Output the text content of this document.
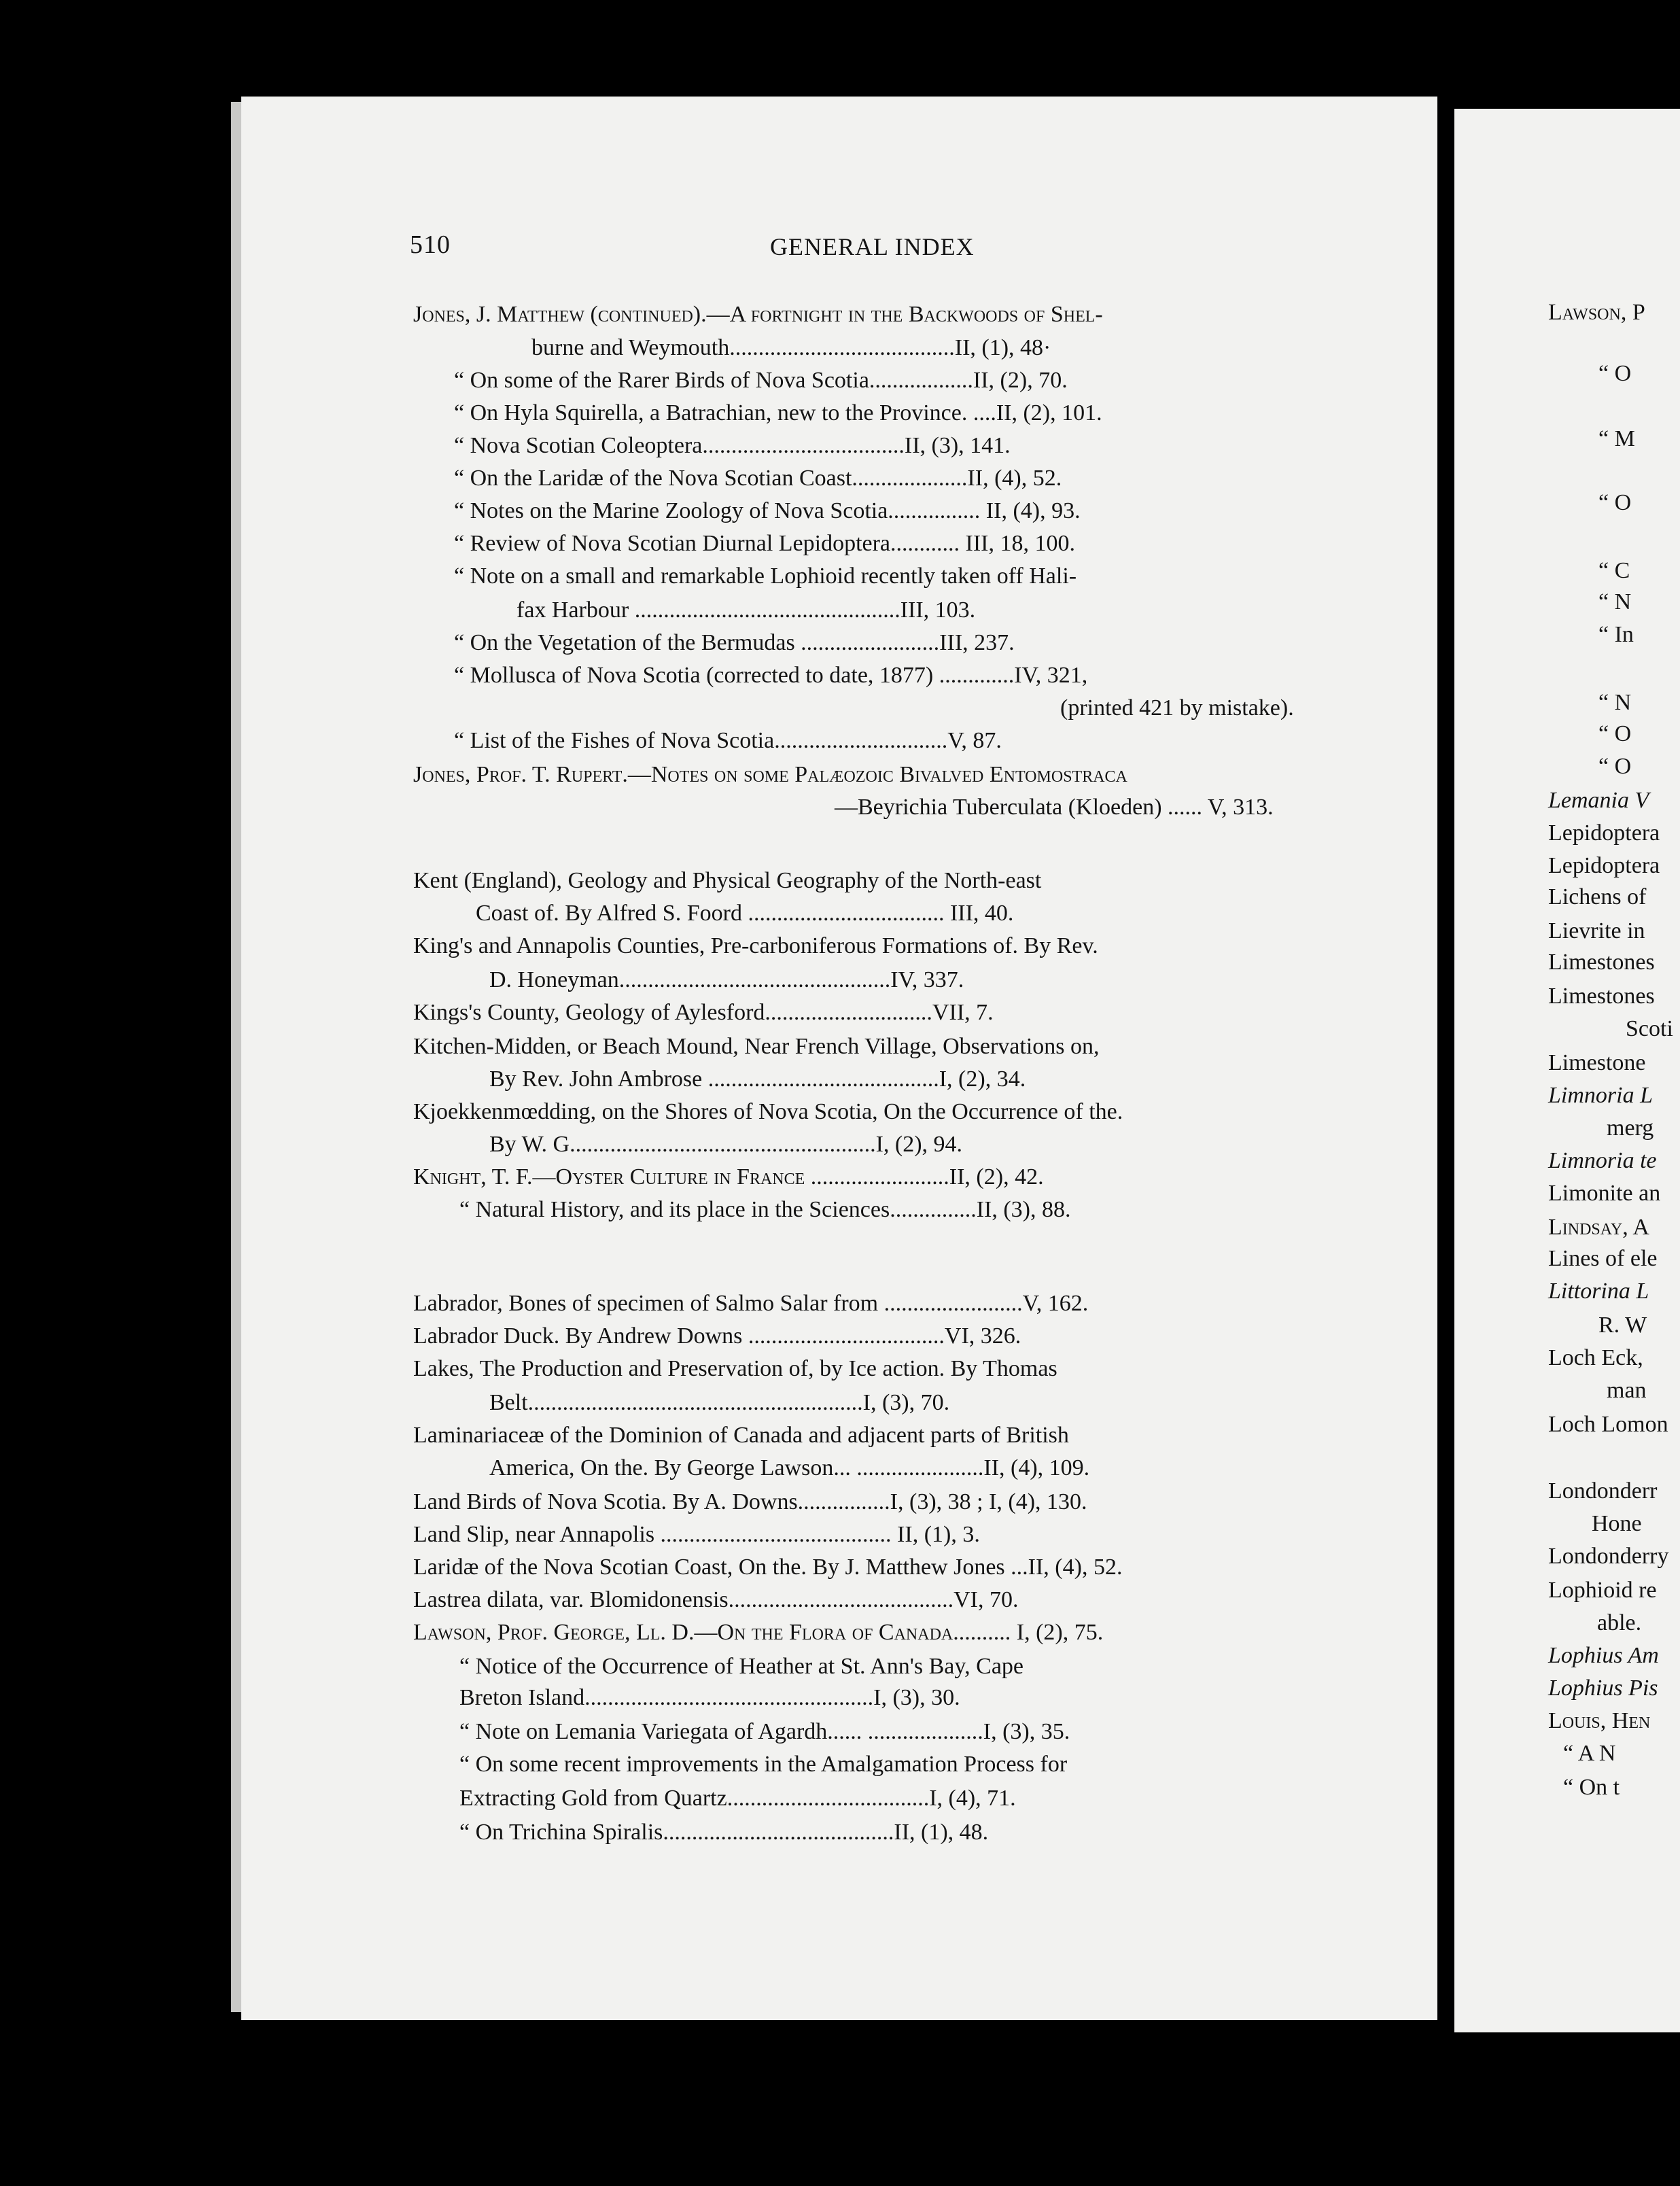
510	GENERAL INDEX
Jones, J. Matthew (continued).—A fortnight in the Backwoods of Shel-
burne and Weymouth.......................................II, (1), 48·
“ On some of the Rarer Birds of Nova Scotia..................II, (2), 70.
“ On Hyla Squirella, a Batrachian, new to the Province. ....II, (2), 101.
“ Nova Scotian Coleoptera...................................II, (3), 141.
“ On the Laridæ of the Nova Scotian Coast....................II, (4), 52.
“ Notes on the Marine Zoology of Nova Scotia................ II, (4), 93.
“ Review of Nova Scotian Diurnal Lepidoptera............ III, 18, 100.
“ Note on a small and remarkable Lophioid recently taken off Hali-
fax Harbour ..............................................III, 103.
“ On the Vegetation of the Bermudas ........................III, 237.
“ Mollusca of Nova Scotia (corrected to date, 1877) .............IV, 321,
(printed 421 by mistake).
“ List of the Fishes of Nova Scotia..............................V, 87.
Jones, Prof. T. Rupert.—Notes on some Palæozoic Bivalved Entomostraca
—Beyrichia Tuberculata (Kloeden) ...... V, 313.
Kent (England), Geology and Physical Geography of the North-east
Coast of. By Alfred S. Foord .................................. III, 40.
King's and Annapolis Counties, Pre-carboniferous Formations of. By Rev.
D. Honeyman...............................................IV, 337.
Kings's County, Geology of Aylesford.............................VII, 7.
Kitchen-Midden, or Beach Mound, Near French Village, Observations on,
By Rev. John Ambrose ........................................I, (2), 34.
Kjoekkenmœdding, on the Shores of Nova Scotia, On the Occurrence of the.
By W. G.....................................................I, (2), 94.
Knight, T. F.—Oyster Culture in France ........................II, (2), 42.
“ Natural History, and its place in the Sciences...............II, (3), 88.
Labrador, Bones of specimen of Salmo Salar from ........................V, 162.
Labrador Duck. By Andrew Downs ..................................VI, 326.
Lakes, The Production and Preservation of, by Ice action. By Thomas
Belt..........................................................I, (3), 70.
Laminariaceæ of the Dominion of Canada and adjacent parts of British
America, On the. By George Lawson... ......................II, (4), 109.
Land Birds of Nova Scotia. By A. Downs................I, (3), 38 ; I, (4), 130.
Land Slip, near Annapolis ........................................ II, (1), 3.
Laridæ of the Nova Scotian Coast, On the. By J. Matthew Jones ...II, (4), 52.
Lastrea dilata, var. Blomidonensis.......................................VI, 70.
Lawson, Prof. George, Ll. D.—On the Flora of Canada.......... I, (2), 75.
“ Notice of the Occurrence of Heather at St. Ann's Bay, Cape
Breton Island..................................................I, (3), 30.
“ Note on Lemania Variegata of Agardh...... ....................I, (3), 35.
“ On some recent improvements in the Amalgamation Process for
Extracting Gold from Quartz...................................I, (4), 71.
“ On Trichina Spiralis........................................II, (1), 48.
Lawson, P
“ O
“ M
“ O
“ C
“ N
“ In
“ N
“ O
“ O
Lemania V
Lepidoptera
Lepidoptera
Lichens of
Lievrite in
Limestones
Limestones
Scoti
Limestone
Limnoria L
merg
Limnoria te
Limonite an
Lindsay, A
Lines of ele
Littorina L
R. W
Loch Eck,
man
Loch Lomon
Londonderr
Hone
Londonderry
Lophioid re
able.
Lophius Am
Lophius Pis
Louis, Hen
“ A N
“ On t
